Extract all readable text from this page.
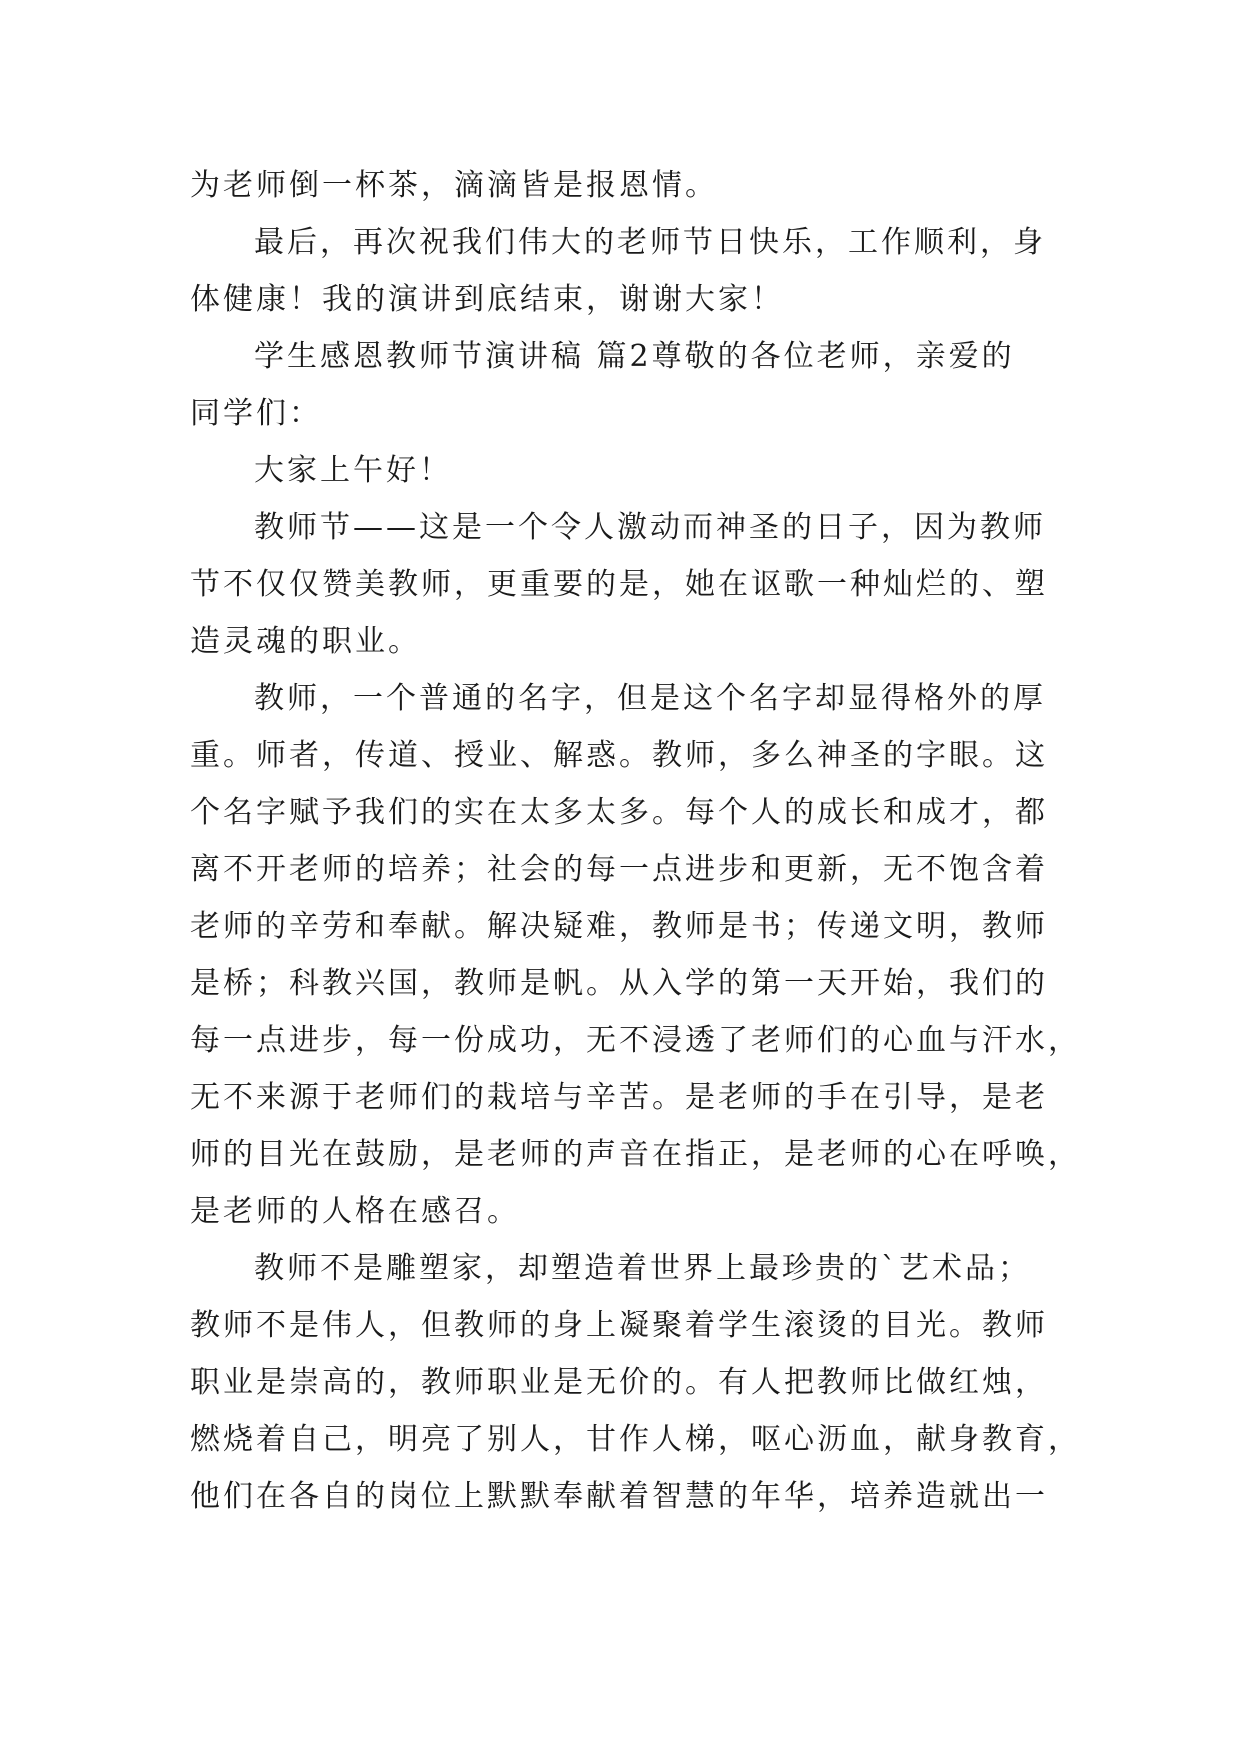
为老师倒一杯茶，滴滴皆是报恩情。
最后，再次祝我们伟大的老师节日快乐，工作顺利，身
体健康！我的演讲到底结束，谢谢大家！
学生感恩教师节演讲稿 篇2尊敬的各位老师，亲爱的
同学们：
大家上午好！
教师节——这是一个令人激动而神圣的日子，因为教师
节不仅仅赞美教师，更重要的是，她在讴歌一种灿烂的、塑
造灵魂的职业。
教师，一个普通的名字，但是这个名字却显得格外的厚
重。师者，传道、授业、解惑。教师，多么神圣的字眼。这
个名字赋予我们的实在太多太多。每个人的成长和成才，都
离不开老师的培养；社会的每一点进步和更新，无不饱含着
老师的辛劳和奉献。解决疑难，教师是书；传递文明，教师
是桥；科教兴国，教师是帆。从入学的第一天开始，我们的
每一点进步，每一份成功，无不浸透了老师们的心血与汗水，
无不来源于老师们的栽培与辛苦。是老师的手在引导，是老
师的目光在鼓励，是老师的声音在指正，是老师的心在呼唤，
是老师的人格在感召。
教师不是雕塑家，却塑造着世界上最珍贵的`艺术品；
教师不是伟人，但教师的身上凝聚着学生滚烫的目光。教师
职业是崇高的，教师职业是无价的。有人把教师比做红烛，
燃烧着自己，明亮了别人，甘作人梯，呕心沥血，献身教育，
他们在各自的岗位上默默奉献着智慧的年华，培养造就出一
